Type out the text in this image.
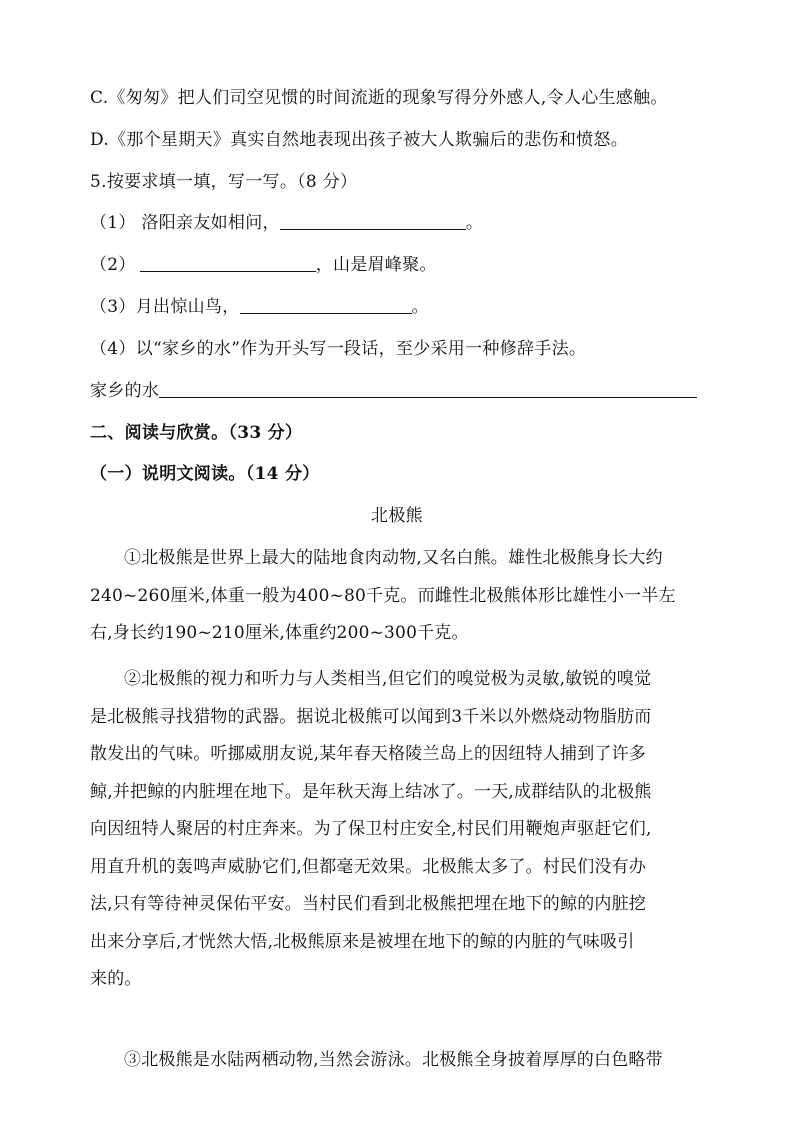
C.《匆匆》把人们司空见惯的时间流逝的现象写得分外感人,令人心生感触。
D.《那个星期天》真实自然地表现出孩子被大人欺骗后的悲伤和愤怒。
5.按要求填一填，写一写。（8 分）
（1） 洛阳亲友如相问，	。
（2）	，山是眉峰聚。
（3）月出惊山鸟，	。
（4）以“家乡的水”作为开头写一段话，至少采用一种修辞手法。
家乡的水
二、阅读与欣赏。（33 分）
（一）说明文阅读。（14 分）
北极熊
①北极熊是世界上最大的陆地食肉动物,又名白熊。雄性北极熊身长大约
240~260厘米,体重一般为400~80千克。而雌性北极熊体形比雄性小一半左
右,身长约190~210厘米,体重约200~300千克。
②北极熊的视力和听力与人类相当,但它们的嗅觉极为灵敏,敏锐的嗅觉
是北极熊寻找猎物的武器。据说北极熊可以闻到3千米以外燃烧动物脂肪而
散发出的气味。听挪威朋友说,某年春天格陵兰岛上的因纽特人捕到了许多
鲸,并把鲸的内脏埋在地下。是年秋天海上结冰了。一天,成群结队的北极熊
向因纽特人聚居的村庄奔来。为了保卫村庄安全,村民们用鞭炮声驱赶它们,
用直升机的轰鸣声威胁它们,但都毫无效果。北极熊太多了。村民们没有办
法,只有等待神灵保佑平安。当村民们看到北极熊把埋在地下的鲸的内脏挖
出来分享后,才恍然大悟,北极熊原来是被埋在地下的鲸的内脏的气味吸引
来的。
③北极熊是水陆两栖动物,当然会游泳。北极熊全身披着厚厚的白色略带
